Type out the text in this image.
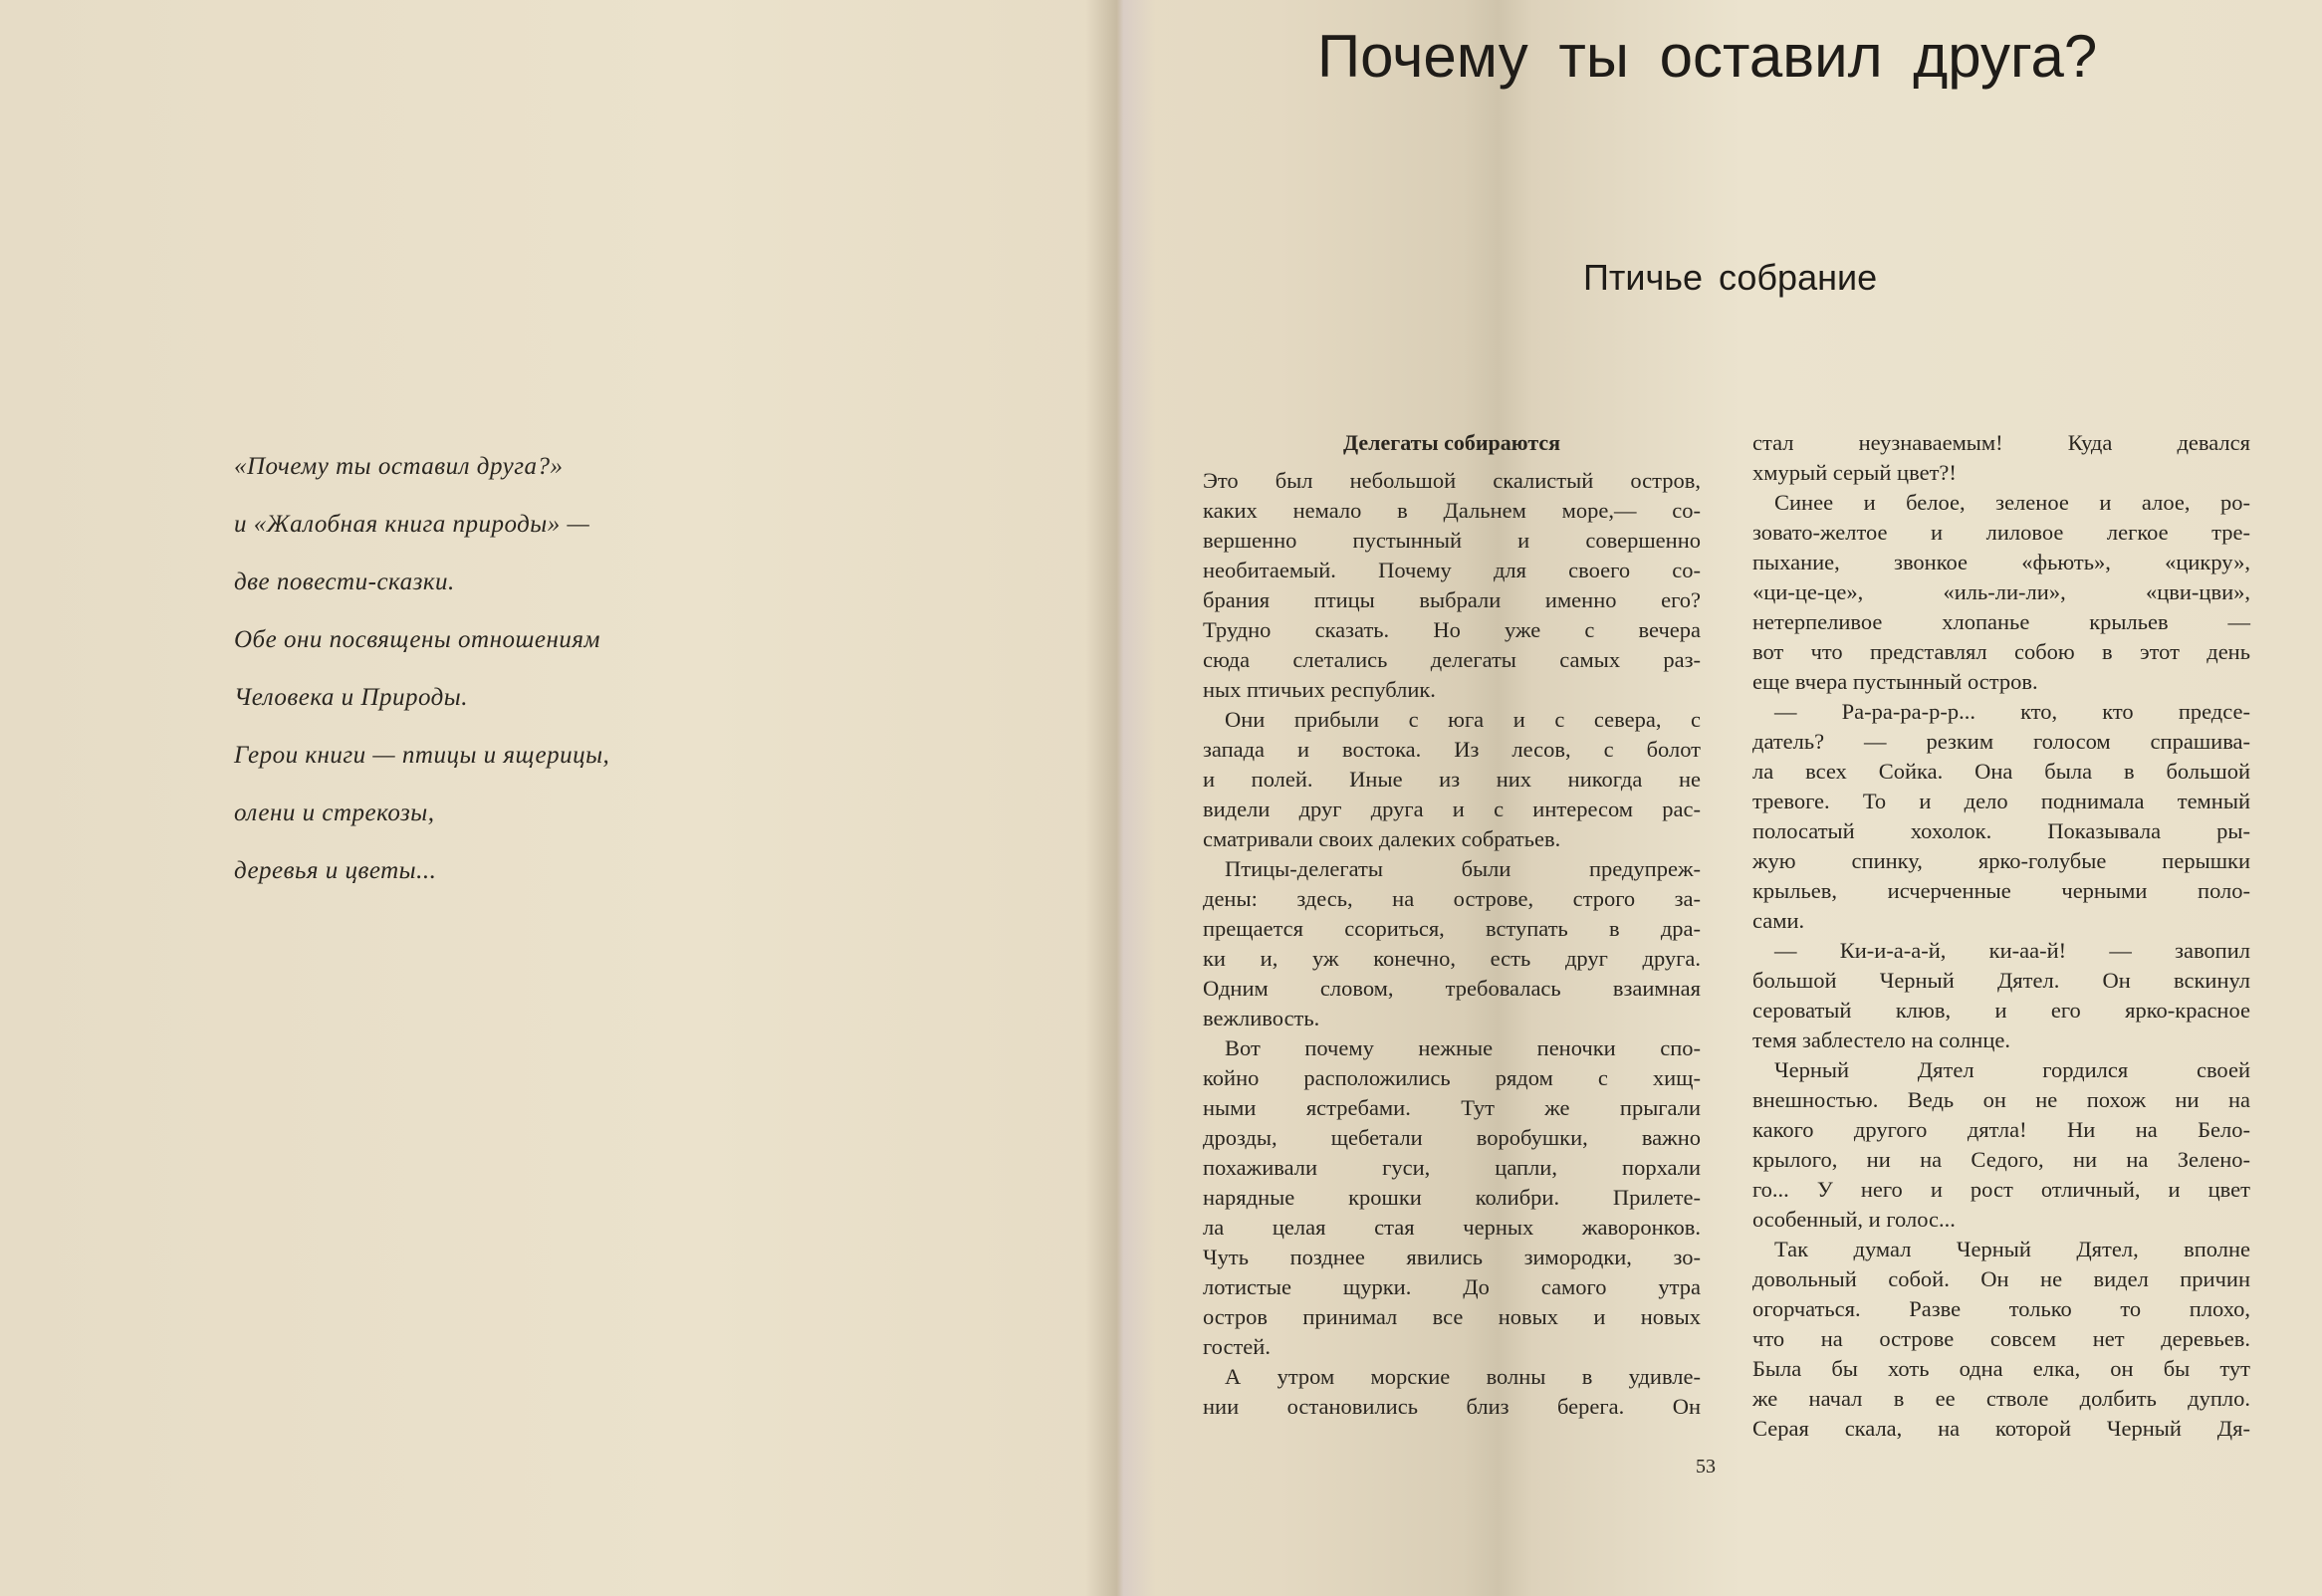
«Почему ты оставил друга?»
и «Жалобная книга природы» —
две повести-сказки.
Обе они посвящены отношениям
Человека и Природы.
Герои книги — птицы и ящерицы,
олени и стрекозы,
деревья и цветы...
Почему ты оставил друга?
Птичье собрание
Делегаты собираются
Это был небольшой скалистый остров,
каких немало в Дальнем море,— со-
вершенно пустынный и совершенно
необитаемый. Почему для своего со-
брания птицы выбрали именно его?
Трудно сказать. Но уже с вечера
сюда слетались делегаты самых раз-
ных птичьих республик.
Они прибыли с юга и с севера, с
запада и востока. Из лесов, с болот
и полей. Иные из них никогда не
видели друг друга и с интересом рас-
сматривали своих далеких собратьев.
Птицы-делегаты были предупреж-
дены: здесь, на острове, строго за-
прещается ссориться, вступать в дра-
ки и, уж конечно, есть друг друга.
Одним словом, требовалась взаимная
вежливость.
Вот почему нежные пеночки спо-
койно расположились рядом с хищ-
ными ястребами. Тут же прыгали
дрозды, щебетали воробушки, важно
похаживали гуси, цапли, порхали
нарядные крошки колибри. Прилете-
ла целая стая черных жаворонков.
Чуть позднее явились зимородки, зо-
лотистые щурки. До самого утра
остров принимал все новых и новых
гостей.
А утром морские волны в удивле-
нии остановились близ берега. Он
стал неузнаваемым! Куда девался
хмурый серый цвет?!
Синее и белое, зеленое и алое, ро-
зовато-желтое и лиловое легкое тре-
пыхание, звонкое «фьють», «цикру»,
«ци-це-це», «иль-ли-ли», «цви-цви»,
нетерпеливое хлопанье крыльев —
вот что представлял собою в этот день
еще вчера пустынный остров.
— Ра-ра-ра-р-р... кто, кто предсе-
датель? — резким голосом спрашива-
ла всех Сойка. Она была в большой
тревоге. То и дело поднимала темный
полосатый хохолок. Показывала ры-
жую спинку, ярко-голубые перышки
крыльев, исчерченные черными поло-
сами.
— Ки-и-а-а-й, ки-аа-й! — завопил
большой Черный Дятел. Он вскинул
сероватый клюв, и его ярко-красное
темя заблестело на солнце.
Черный Дятел гордился своей
внешностью. Ведь он не похож ни на
какого другого дятла! Ни на Бело-
крылого, ни на Седого, ни на Зелено-
го... У него и рост отличный, и цвет
особенный, и голос...
Так думал Черный Дятел, вполне
довольный собой. Он не видел причин
огорчаться. Разве только то плохо,
что на острове совсем нет деревьев.
Была бы хоть одна елка, он бы тут
же начал в ее стволе долбить дупло.
Серая скала, на которой Черный Дя-
53
